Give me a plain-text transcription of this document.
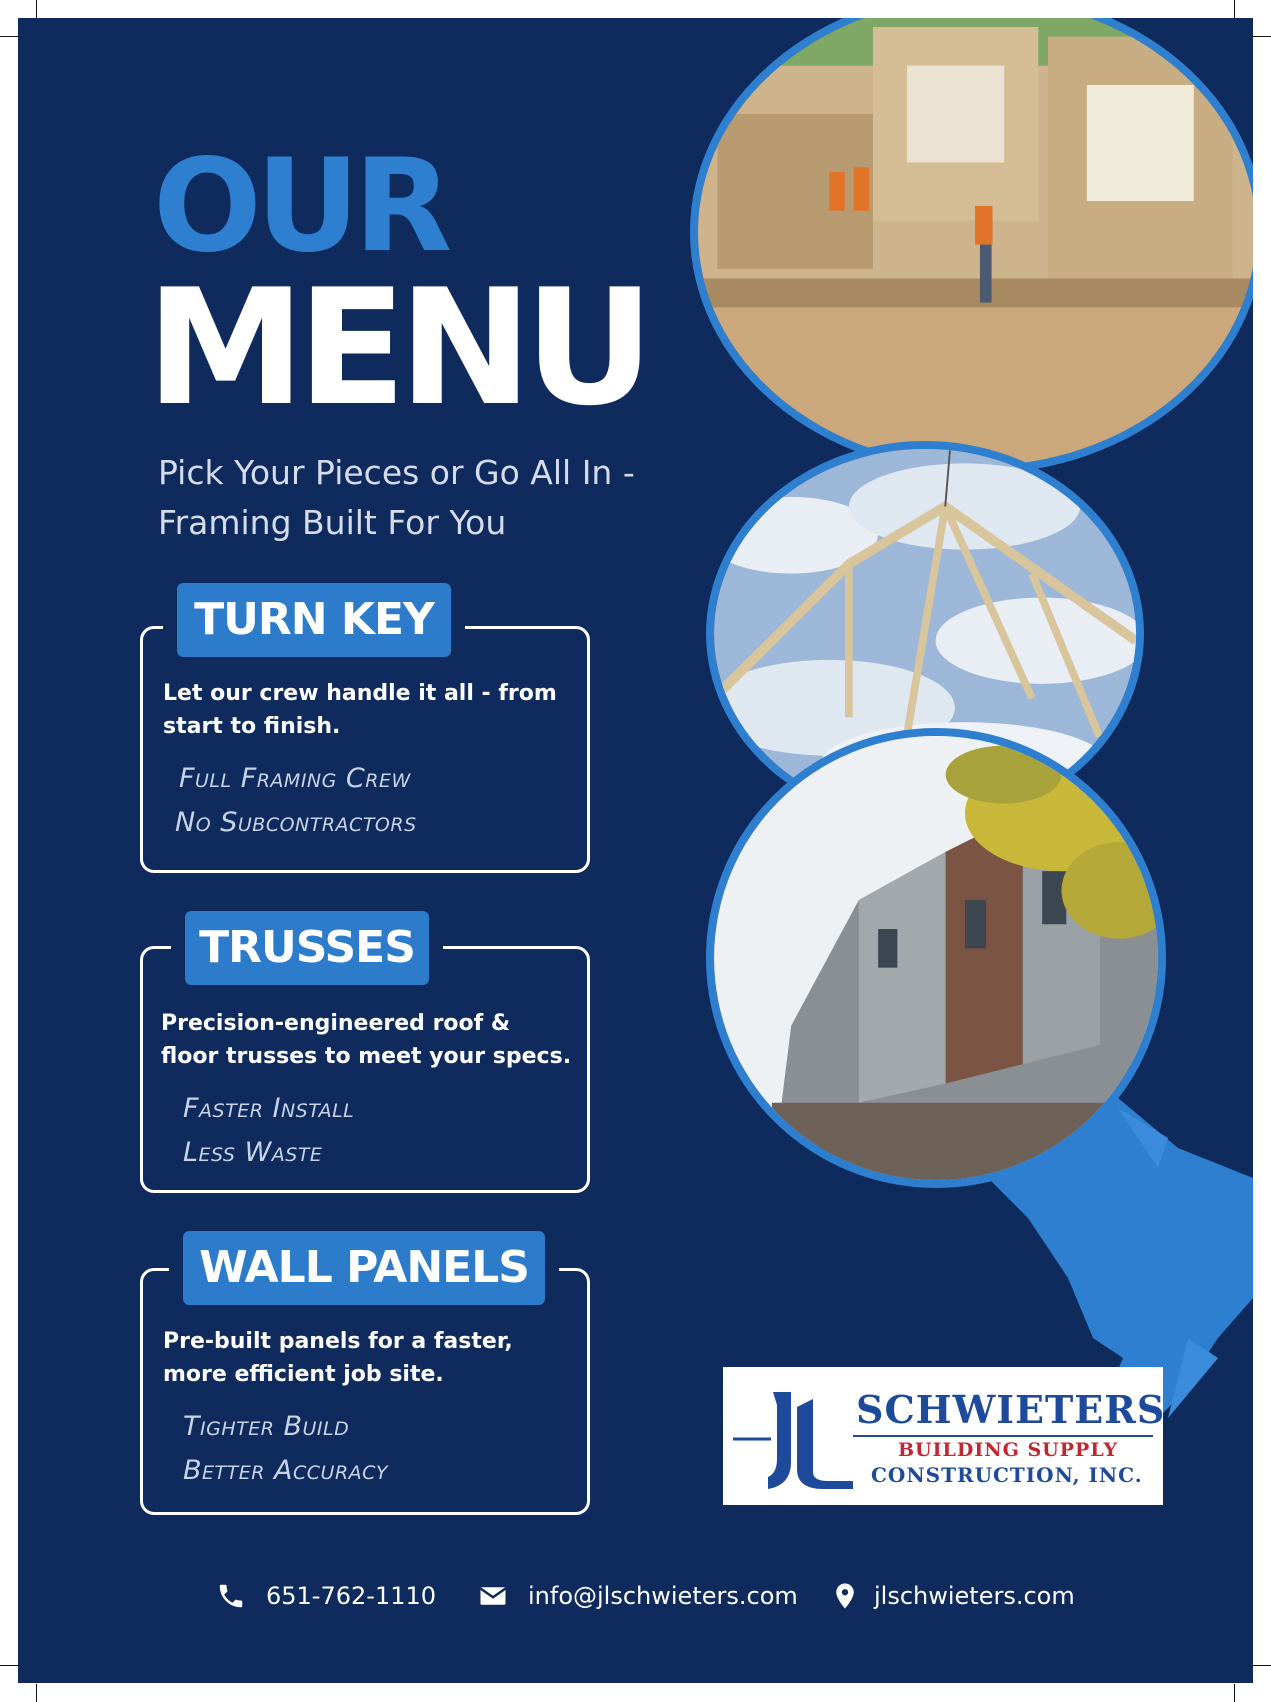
OUR
MENU
Pick Your Pieces or Go All In - Framing Built For You
TURN KEY
Let our crew handle it all - from start to finish.
Full Framing Crew
No Subcontractors
TRUSSES
Precision-engineered roof & floor trusses to meet your specs.
Faster Install
Less Waste
WALL PANELS
Pre-built panels for a faster, more efficient job site.
Tighter Build
Better Accuracy
SCHWIETERS
BUILDING SUPPLY
CONSTRUCTION, INC.
651-762-1110	info@jlschwieters.com	jlschwieters.com
